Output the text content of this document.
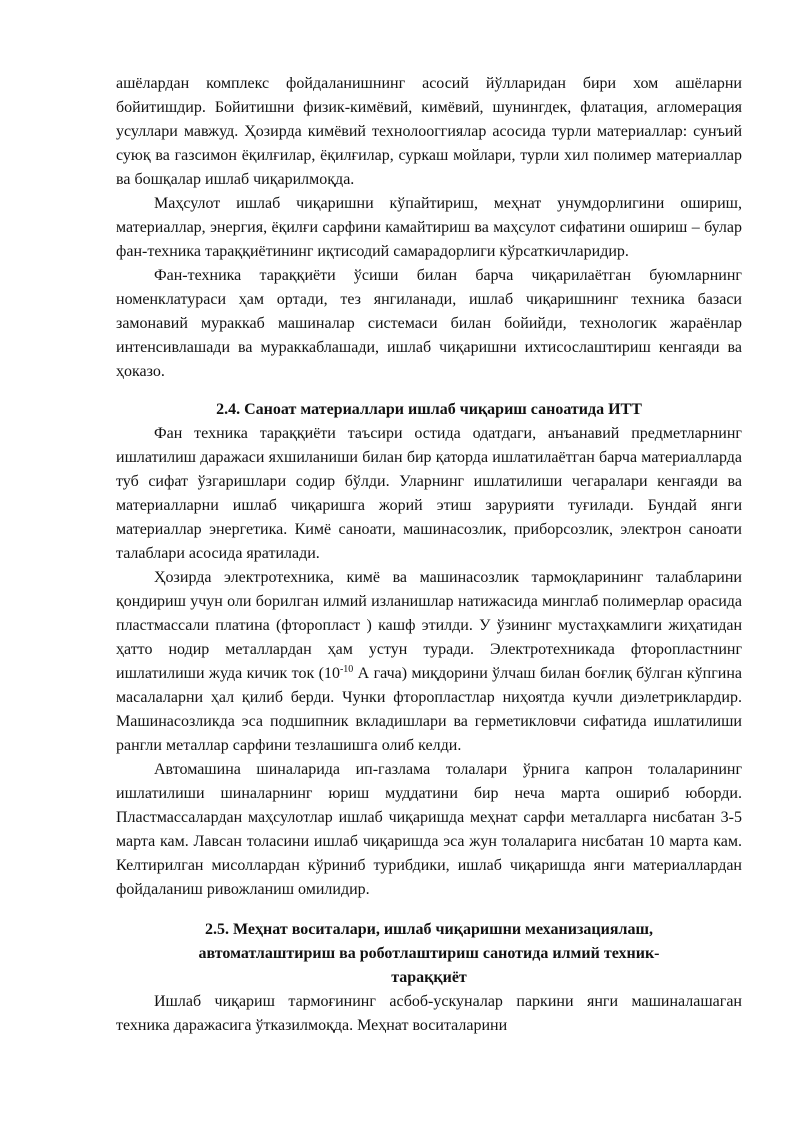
ашёлардан комплекс фойдаланишнинг асосий йўлларидан бири хом ашёларни бойитишдир. Бойитишни физик-кимёвий, кимёвий, шунингдек, флатация, агломерация усуллари мавжуд. Ҳозирда кимёвий технолооггиялар асосида турли материаллар: сунъий суюқ ва газсимон ёқилғилар, ёқилғилар, суркаш мойлари, турли хил полимер материаллар ва бошқалар ишлаб чиқарилмоқда.

Маҳсулот ишлаб чиқаришни кўпайтириш, меҳнат унумдорлигини ошириш, материаллар, энергия, ёқилғи сарфини камайтириш ва маҳсулот сифатини ошириш – булар фан-техника тараққиётининг иқтисодий самарадорлиги кўрсаткичларидир.

Фан-техника тараққиёти ўсиши билан барча чиқарилаётган буюмларнинг номенклатураси ҳам ортади, тез янгиланади, ишлаб чиқаришнинг техника базаси замонавий мураккаб машиналар системаси билан бойийди, технологик жараёнлар интенсивлашади ва мураккаблашади, ишлаб чиқаришни ихтисослаштириш кенгаяди ва ҳоказо.

2.4. Саноат материаллари ишлаб чиқариш саноатида ИТТ

Фан техника тараққиёти таъсири остида одатдаги, анъанавий предметларнинг ишлатилиш даражаси яхшиланиши билан бир қаторда ишлатилаётган барча материалларда туб сифат ўзгаришлари содир бўлди. Уларнинг ишлатилиши чегаралари кенгаяди ва материалларни ишлаб чиқаришга жорий этиш зарурияти туғилади. Бундай янги материаллар энергетика. Кимё саноати, машинасозлик, приборсозлик, электрон саноати талаблари асосида яратилади.

Ҳозирда электротехника, кимё ва машинасозлик тармоқларининг талабларини қондириш учун оли борилган илмий изланишлар натижасида минглаб полимерлар орасида пластмассали платина (фторопласт ) кашф этилди. У ўзининг мустаҳкамлиги жиҳатидан ҳатто нодир металлардан ҳам устун туради. Электротехникада фторопластнинг ишлатилиши жуда кичик ток ($10^{-10}$ А гача) миқдорини ўлчаш билан боғлиқ бўлган кўпгина масалаларни ҳал қилиб берди. Чунки фторопластлар ниҳоятда кучли диэлетриклардир. Машинасозликда эса подшипник вкладишлари ва герметикловчи сифатида ишлатилиши рангли металлар сарфини тезлашишга олиб келди.

Автомашина шиналарида ип-газлама толалари ўрнига капрон толаларининг ишлатилиши шиналарнинг юриш муддатини бир неча марта ошириб юборди. Пластмассалардан маҳсулотлар ишлаб чиқаришда меҳнат сарфи металларга нисбатан 3-5 марта кам. Лавсан толасини ишлаб чиқаришда эса жун толаларига нисбатан 10 марта кам. Келтирилган мисоллардан кўриниб турибдики, ишлаб чиқаришда янги материаллардан фойдаланиш ривожланиш омилидир.

2.5. Меҳнат воситалари, ишлаб чиқаришни механизациялаш,
автоматлаштириш ва роботлаштириш санотида илмий техник-
тараққиёт

Ишлаб чиқариш тармоғининг асбоб-ускуналар паркини янги машиналашаган техника даражасига ўтказилмоқда. Меҳнат воситаларини
